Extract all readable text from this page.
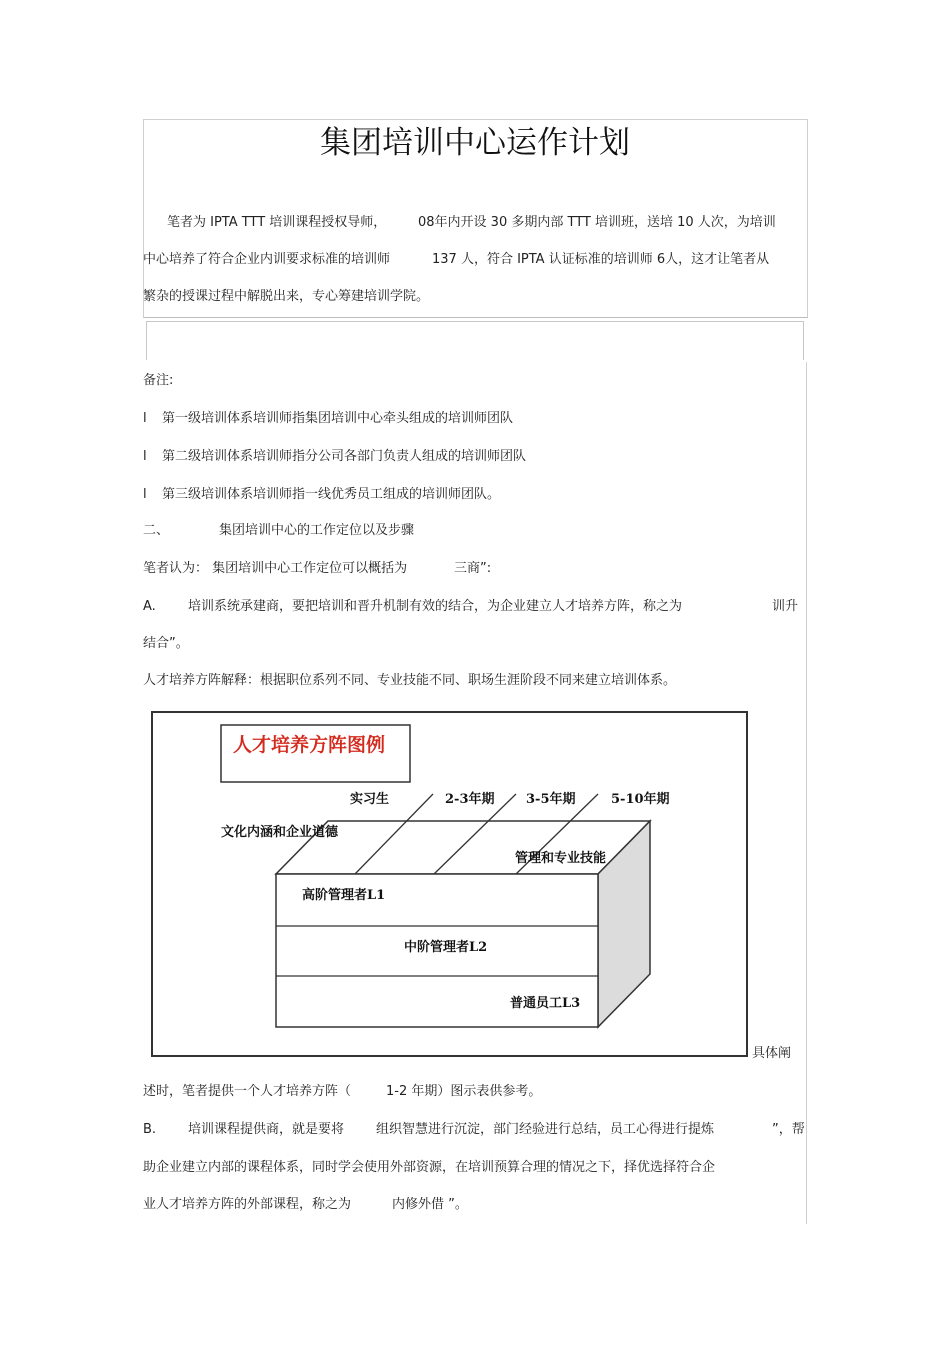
集团培训中心运作计划
笔者为 IPTA TTT 培训课程授权导师， 08年内开设 30 多期内部 TTT 培训班，送培 10 人次，为培训
中心培养了符合企业内训要求标准的培训师	137 人，符合 IPTA 认证标准的培训师 6人，这才让笔者从
繁杂的授课过程中解脱出来，专心筹建培训学院。
备注:
l 第一级培训体系培训师指集团培训中心牵头组成的培训师团队
l 第二级培训体系培训师指分公司各部门负责人组成的培训师团队
l 第三级培训体系培训师指一线优秀员工组成的培训师团队。
二、	集团培训中心的工作定位以及步骤
笔者认为： 集团培训中心工作定位可以概括为	三商”:
A. 培训系统承建商，要把培训和晋升机制有效的结合，为企业建立人才培养方阵，称之为	训升
结合”。
人才培养方阵解释：根据职位系列不同、专业技能不同、职场生涯阶段不同来建立培训体系。
人才培养方阵图例
实习生	2-3年期 3-5年期	5-10年期
文化内涵和企业道德
管理和专业技能
高阶管理者L1
中阶管理者L2
普通员工L3
具体阐
述时，笔者提供一个人才培养方阵（	1-2 年期）图示表供参考。
B. 培训课程提供商，就是要将 组织智慧进行沉淀，部门经验进行总结，员工心得进行提炼	”，帮
助企业建立内部的课程体系，同时学会使用外部资源，在培训预算合理的情况之下，择优选择符合企
业人才培养方阵的外部课程，称之为	内修外借 ”。
